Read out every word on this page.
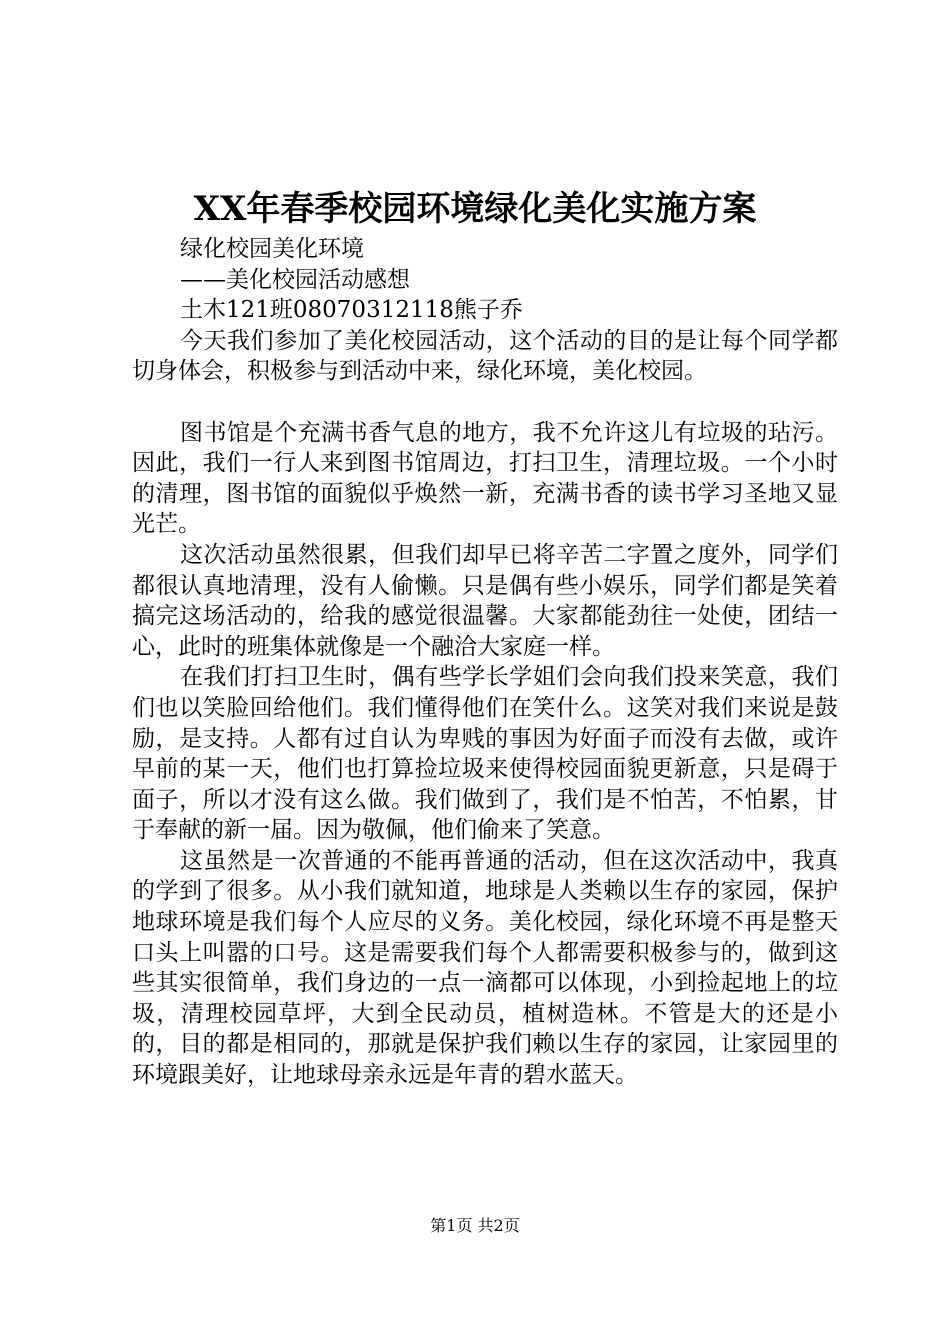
XX年春季校园环境绿化美化实施方案

绿化校园美化环境

——美化校园活动感想

土木121班08070312118熊子乔

今天我们参加了美化校园活动，这个活动的目的是让每个同学都切身体会，积极参与到活动中来，绿化环境，美化校园。

图书馆是个充满书香气息的地方，我不允许这儿有垃圾的玷污。因此，我们一行人来到图书馆周边，打扫卫生，清理垃圾。一个小时的清理，图书馆的面貌似乎焕然一新，充满书香的读书学习圣地又显光芒。

这次活动虽然很累，但我们却早已将辛苦二字置之度外，同学们都很认真地清理，没有人偷懒。只是偶有些小娱乐，同学们都是笑着搞完这场活动的，给我的感觉很温馨。大家都能劲往一处使，团结一心，此时的班集体就像是一个融洽大家庭一样。

在我们打扫卫生时，偶有些学长学姐们会向我们投来笑意，我们们也以笑脸回给他们。我们懂得他们在笑什么。这笑对我们来说是鼓励，是支持。人都有过自认为卑贱的事因为好面子而没有去做，或许早前的某一天，他们也打算捡垃圾来使得校园面貌更新意，只是碍于面子，所以才没有这么做。我们做到了，我们是不怕苦，不怕累，甘于奉献的新一届。因为敬佩，他们偷来了笑意。

这虽然是一次普通的不能再普通的活动，但在这次活动中，我真的学到了很多。从小我们就知道，地球是人类赖以生存的家园，保护地球环境是我们每个人应尽的义务。美化校园，绿化环境不再是整天口头上叫嚣的口号。这是需要我们每个人都需要积极参与的，做到这些其实很简单，我们身边的一点一滴都可以体现，小到捡起地上的垃圾，清理校园草坪，大到全民动员，植树造林。不管是大的还是小的，目的都是相同的，那就是保护我们赖以生存的家园，让家园里的环境跟美好，让地球母亲永远是年青的碧水蓝天。

第1页 共2页
